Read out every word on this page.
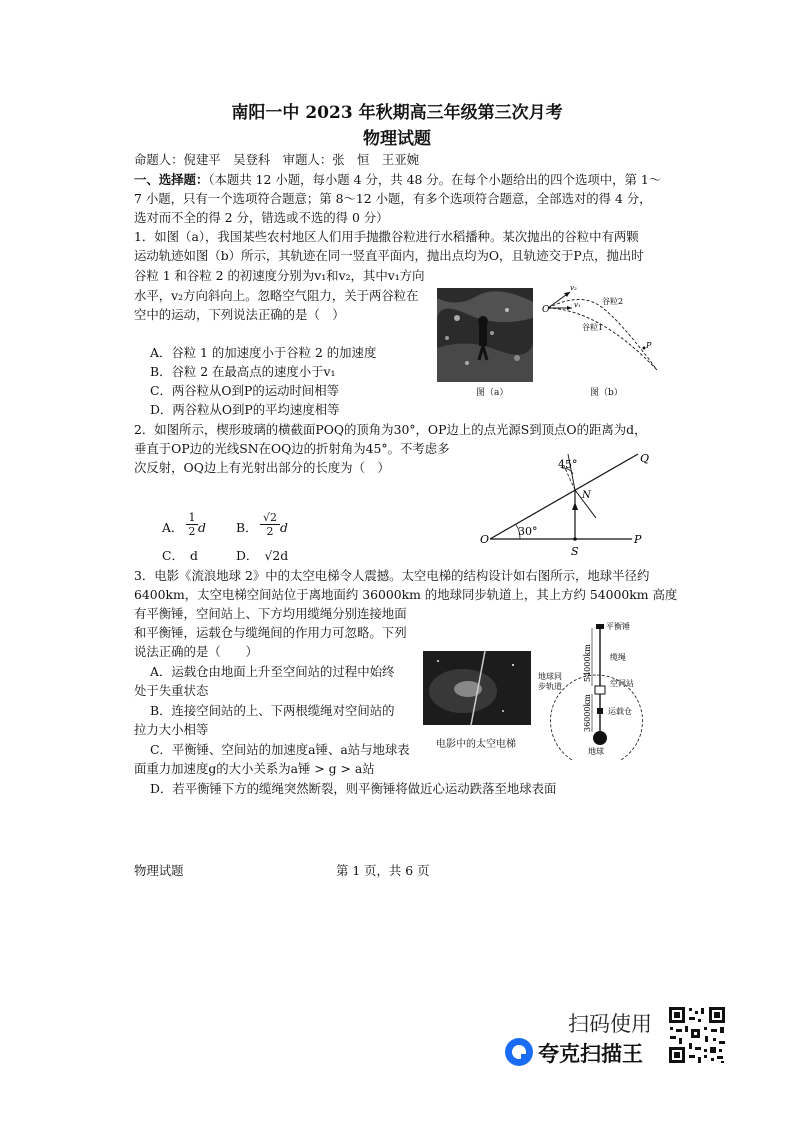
南阳一中 2023 年秋期高三年级第三次月考
物理试题
命题人：倪建平　吴登科　审题人：张　恒　王亚婉
一、选择题：（本题共 12 小题，每小题 4 分，共 48 分。在每个小题给出的四个选项中，第 1～
7 小题，只有一个选项符合题意；第 8～12 小题，有多个选项符合题意，全部选对的得 4 分，
选对而不全的得 2 分，错选或不选的得 0 分）
1．如图（a），我国某些农村地区人们用手抛撒谷粒进行水稻播种。某次抛出的谷粒中有两颗
运动轨迹如图（b）所示，其轨迹在同一竖直平面内，抛出点均为O，且轨迹交于P点，抛出时
谷粒 1 和谷粒 2 的初速度分别为v₁和v₂，其中v₁方向
水平，v₂方向斜向上。忽略空气阻力，关于两谷粒在
空中的运动，下列说法正确的是（　）
A．谷粒 1 的加速度小于谷粒 2 的加速度
B．谷粒 2 在最高点的速度小于v₁
C．两谷粒从O到P的运动时间相等
D．两谷粒从O到P的平均速度相等
图（a）
O
P
v₂
v₁	谷粒2
谷粒1
图（b）
2．如图所示，楔形玻璃的横截面POQ的顶角为30°，OP边上的点光源S到顶点O的距离为d，
垂直于OP边的光线SN在OQ边的折射角为45°。不考虑多
次反射，OQ边上有光射出部分的长度为（　）
A． $\frac{1}{2}$ d B． $\frac{√2}{2}$ d
C．　d	D．　√2d
45°
30°
O	P
Q
N
S
3．电影《流浪地球 2》中的太空电梯令人震撼。太空电梯的结构设计如右图所示，地球半径约
6400km，太空电梯空间站位于离地面约 36000km 的地球同步轨道上，其上方约 54000km 高度
有平衡锤，空间站上、下方均用缆绳分别连接地面
和平衡锤，运载仓与缆绳间的作用力可忽略。下列
说法正确的是（　　）
A．运载仓由地面上升至空间站的过程中始终
处于失重状态
B．连接空间站的上、下两根缆绳对空间站的
拉力大小相等
C．平衡锤、空间站的加速度a锤、a站与地球表
面重力加速度g的大小关系为a锤 > g > a站
D．若平衡锤下方的缆绳突然断裂，则平衡锤将做近心运动跌落至地球表面
电影中的太空电梯
平衡锤
缆绳
空间站
运载仓
地球
地球同
步轨道
54000km
36000km
物理试题	第 1 页，共 6 页
扫码使用
夸克扫描王
